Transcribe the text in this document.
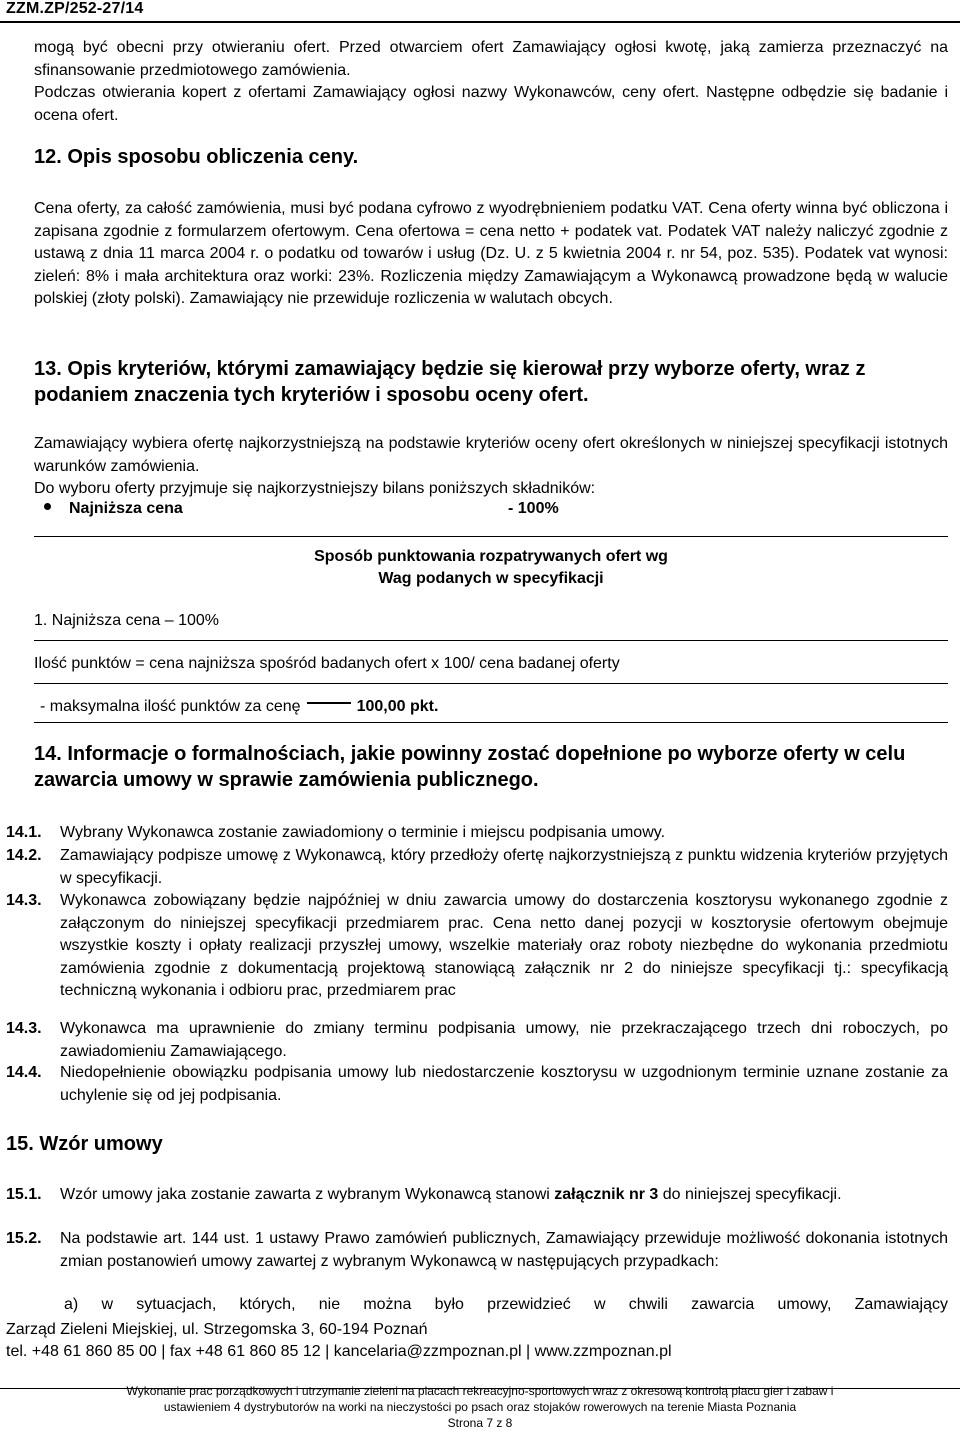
ZZM.ZP/252-27/14

mogą być obecni przy otwieraniu ofert. Przed otwarciem ofert Zamawiający ogłosi kwotę, jaką zamierza przeznaczyć na sfinansowanie przedmiotowego zamówienia.

Podczas otwierania kopert z ofertami Zamawiający ogłosi nazwy Wykonawców, ceny ofert. Następne odbędzie się badanie i ocena ofert.

12. Opis sposobu obliczenia ceny.

Cena oferty, za całość zamówienia, musi być podana cyfrowo z wyodrębnieniem podatku VAT. Cena oferty winna być obliczona i zapisana zgodnie z formularzem ofertowym. Cena ofertowa = cena netto + podatek vat. Podatek VAT należy naliczyć zgodnie z ustawą z dnia 11 marca 2004 r. o podatku od towarów i usług (Dz. U. z 5 kwietnia 2004 r. nr 54, poz. 535). Podatek vat wynosi: zieleń: 8% i mała architektura oraz worki: 23%. Rozliczenia między Zamawiającym a Wykonawcą prowadzone będą w walucie polskiej (złoty polski). Zamawiający nie przewiduje rozliczenia w walutach obcych.

13. Opis kryteriów, którymi zamawiający będzie się kierował przy wyborze oferty, wraz z podaniem znaczenia tych kryteriów i sposobu oceny ofert.

Zamawiający wybiera ofertę najkorzystniejszą na podstawie kryteriów oceny ofert określonych w niniejszej specyfikacji istotnych warunków zamówienia.

Do wyboru oferty przyjmuje się najkorzystniejszy bilans poniższych składników:

Najniższa cena	- 100%
Sposób punktowania rozpatrywanych ofert wg
Wag podanych w specyfikacji
1. Najniższa cena – 100%
Ilość punktów = cena najniższa spośród badanych ofert x 100/ cena badanej oferty
- maksymalna ilość punktów za cenę	100,00 pkt.
14. Informacje o formalnościach, jakie powinny zostać dopełnione po wyborze oferty w celu zawarcia umowy w sprawie zamówienia publicznego.
14.1. Wybrany Wykonawca zostanie zawiadomiony o terminie i miejscu podpisania umowy.
14.2. Zamawiający podpisze umowę z Wykonawcą, który przedłoży ofertę najkorzystniejszą z punktu widzenia kryteriów przyjętych w specyfikacji.
14.3. Wykonawca zobowiązany będzie najpóźniej w dniu zawarcia umowy do dostarczenia kosztorysu wykonanego zgodnie z załączonym do niniejszej specyfikacji przedmiarem prac. Cena netto danej pozycji w kosztorysie ofertowym obejmuje wszystkie koszty i opłaty realizacji przyszłej umowy, wszelkie materiały oraz roboty niezbędne do wykonania przedmiotu zamówienia zgodnie z dokumentacją projektową stanowiącą załącznik nr 2 do niniejsze specyfikacji tj.: specyfikacją techniczną wykonania i odbioru prac, przedmiarem prac
14.3. Wykonawca ma uprawnienie do zmiany terminu podpisania umowy, nie przekraczającego trzech dni roboczych, po zawiadomieniu Zamawiającego.
14.4. Niedopełnienie obowiązku podpisania umowy lub niedostarczenie kosztorysu w uzgodnionym terminie uznane zostanie za uchylenie się od jej podpisania.
15. Wzór umowy
15.1. Wzór umowy jaka zostanie zawarta z wybranym Wykonawcą stanowi załącznik nr 3 do niniejszej specyfikacji.
15.2. Na podstawie art. 144 ust. 1 ustawy Prawo zamówień publicznych, Zamawiający przewiduje możliwość dokonania istotnych zmian postanowień umowy zawartej z wybranym Wykonawcą w następujących przypadkach:
a) w sytuacjach, których, nie można było przewidzieć w chwili zawarcia umowy, Zamawiający
Zarząd Zieleni Miejskiej, ul. Strzegomska 3, 60-194 Poznań
tel. +48 61 860 85 00 | fax +48 61 860 85 12 | kancelaria@zzmpoznan.pl | www.zzmpoznan.pl
Wykonanie prac porządkowych i utrzymanie zieleni na placach rekreacyjno-sportowych wraz z okresową kontrolą placu gier i zabaw i
ustawieniem 4 dystrybutorów na worki na nieczystości po psach oraz stojaków rowerowych na terenie Miasta Poznania
Strona 7 z 8
